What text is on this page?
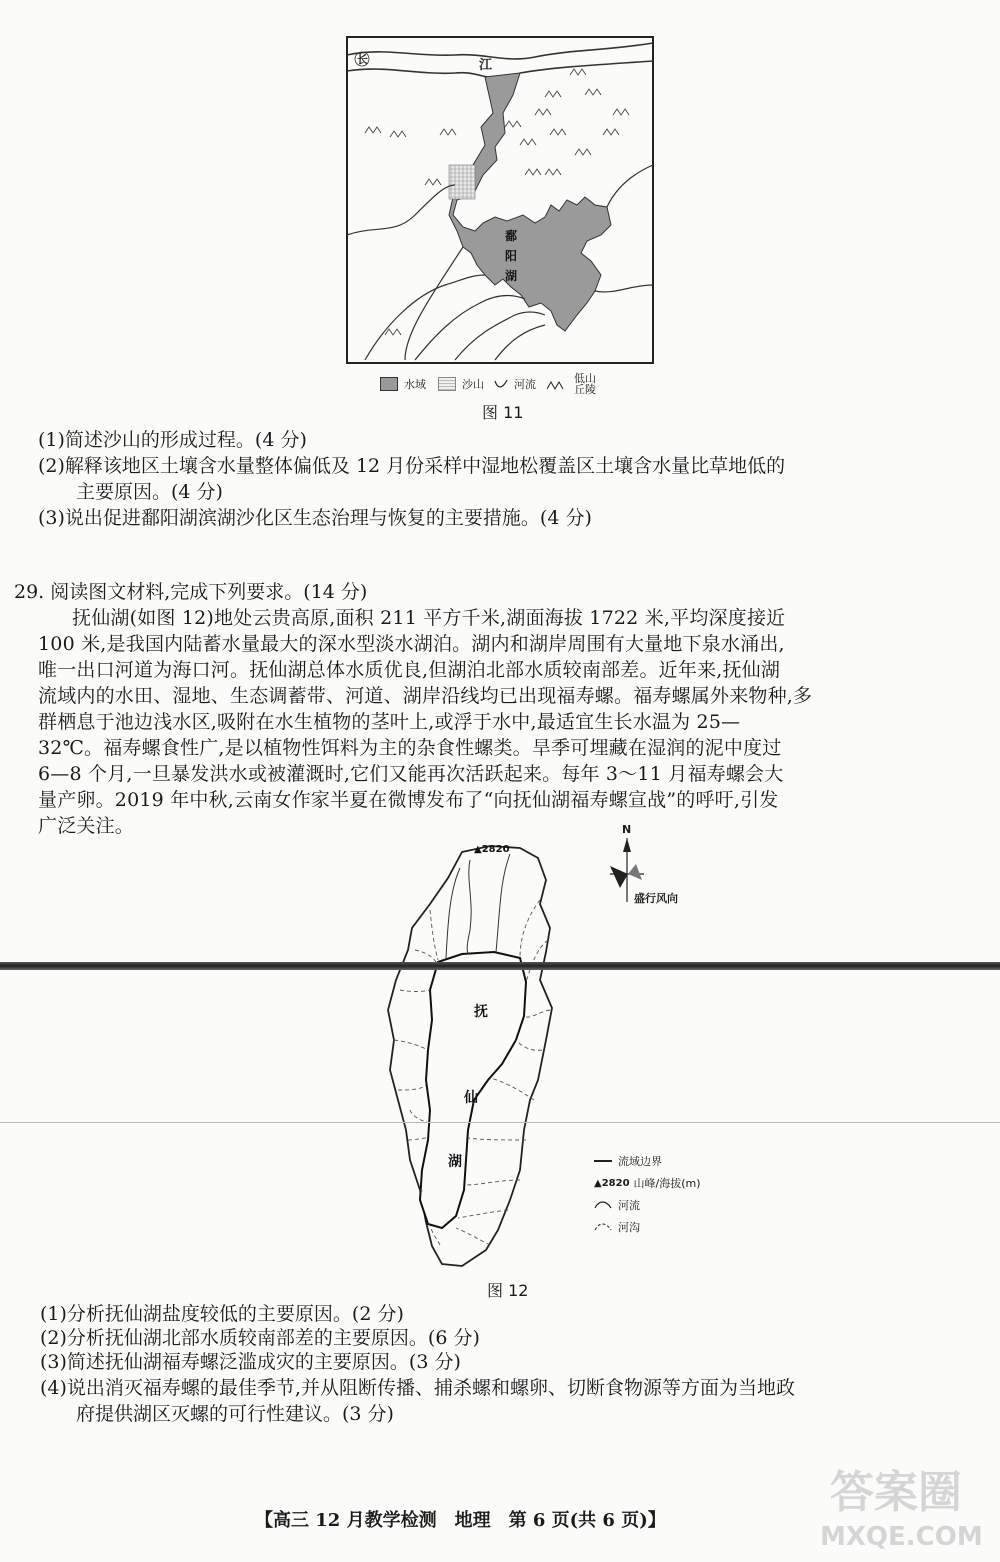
长	江
鄱
阳
湖
水域	沙山	河流	低山
丘陵
图 11
(1)简述沙山的形成过程。(4 分)
(2)解释该地区土壤含水量整体偏低及 12 月份采样中湿地松覆盖区土壤含水量比草地低的
主要原因。(4 分)
(3)说出促进鄱阳湖滨湖沙化区生态治理与恢复的主要措施。(4 分)
29. 阅读图文材料,完成下列要求。(14 分)
抚仙湖(如图 12)地处云贵高原,面积 211 平方千米,湖面海拔 1722 米,平均深度接近
100 米,是我国内陆蓄水量最大的深水型淡水湖泊。湖内和湖岸周围有大量地下泉水涌出,
唯一出口河道为海口河。抚仙湖总体水质优良,但湖泊北部水质较南部差。近年来,抚仙湖
流域内的水田、湿地、生态调蓄带、河道、湖岸沿线均已出现福寿螺。福寿螺属外来物种,多
群栖息于池边浅水区,吸附在水生植物的茎叶上,或浮于水中,最适宜生长水温为 25—
32℃。福寿螺食性广,是以植物性饵料为主的杂食性螺类。旱季可埋藏在湿润的泥中度过
6—8 个月,一旦暴发洪水或被灌溉时,它们又能再次活跃起来。每年 3～11 月福寿螺会大
量产卵。2019 年中秋,云南女作家半夏在微博发布了“向抚仙湖福寿螺宣战”的呼吁,引发
广泛关注。
▲2820
抚
仙
湖
N
盛行风向
流域边界
▲2820 山峰/海拔(m)
河流
河沟
图 12
(1)分析抚仙湖盐度较低的主要原因。(2 分)
(2)分析抚仙湖北部水质较南部差的主要原因。(6 分)
(3)简述抚仙湖福寿螺泛滥成灾的主要原因。(3 分)
(4)说出消灭福寿螺的最佳季节,并从阻断传播、捕杀螺和螺卵、切断食物源等方面为当地政
府提供湖区灭螺的可行性建议。(3 分)
【高三 12 月教学检测　地理　第 6 页(共 6 页)】
答案圈
MXQE.COM
